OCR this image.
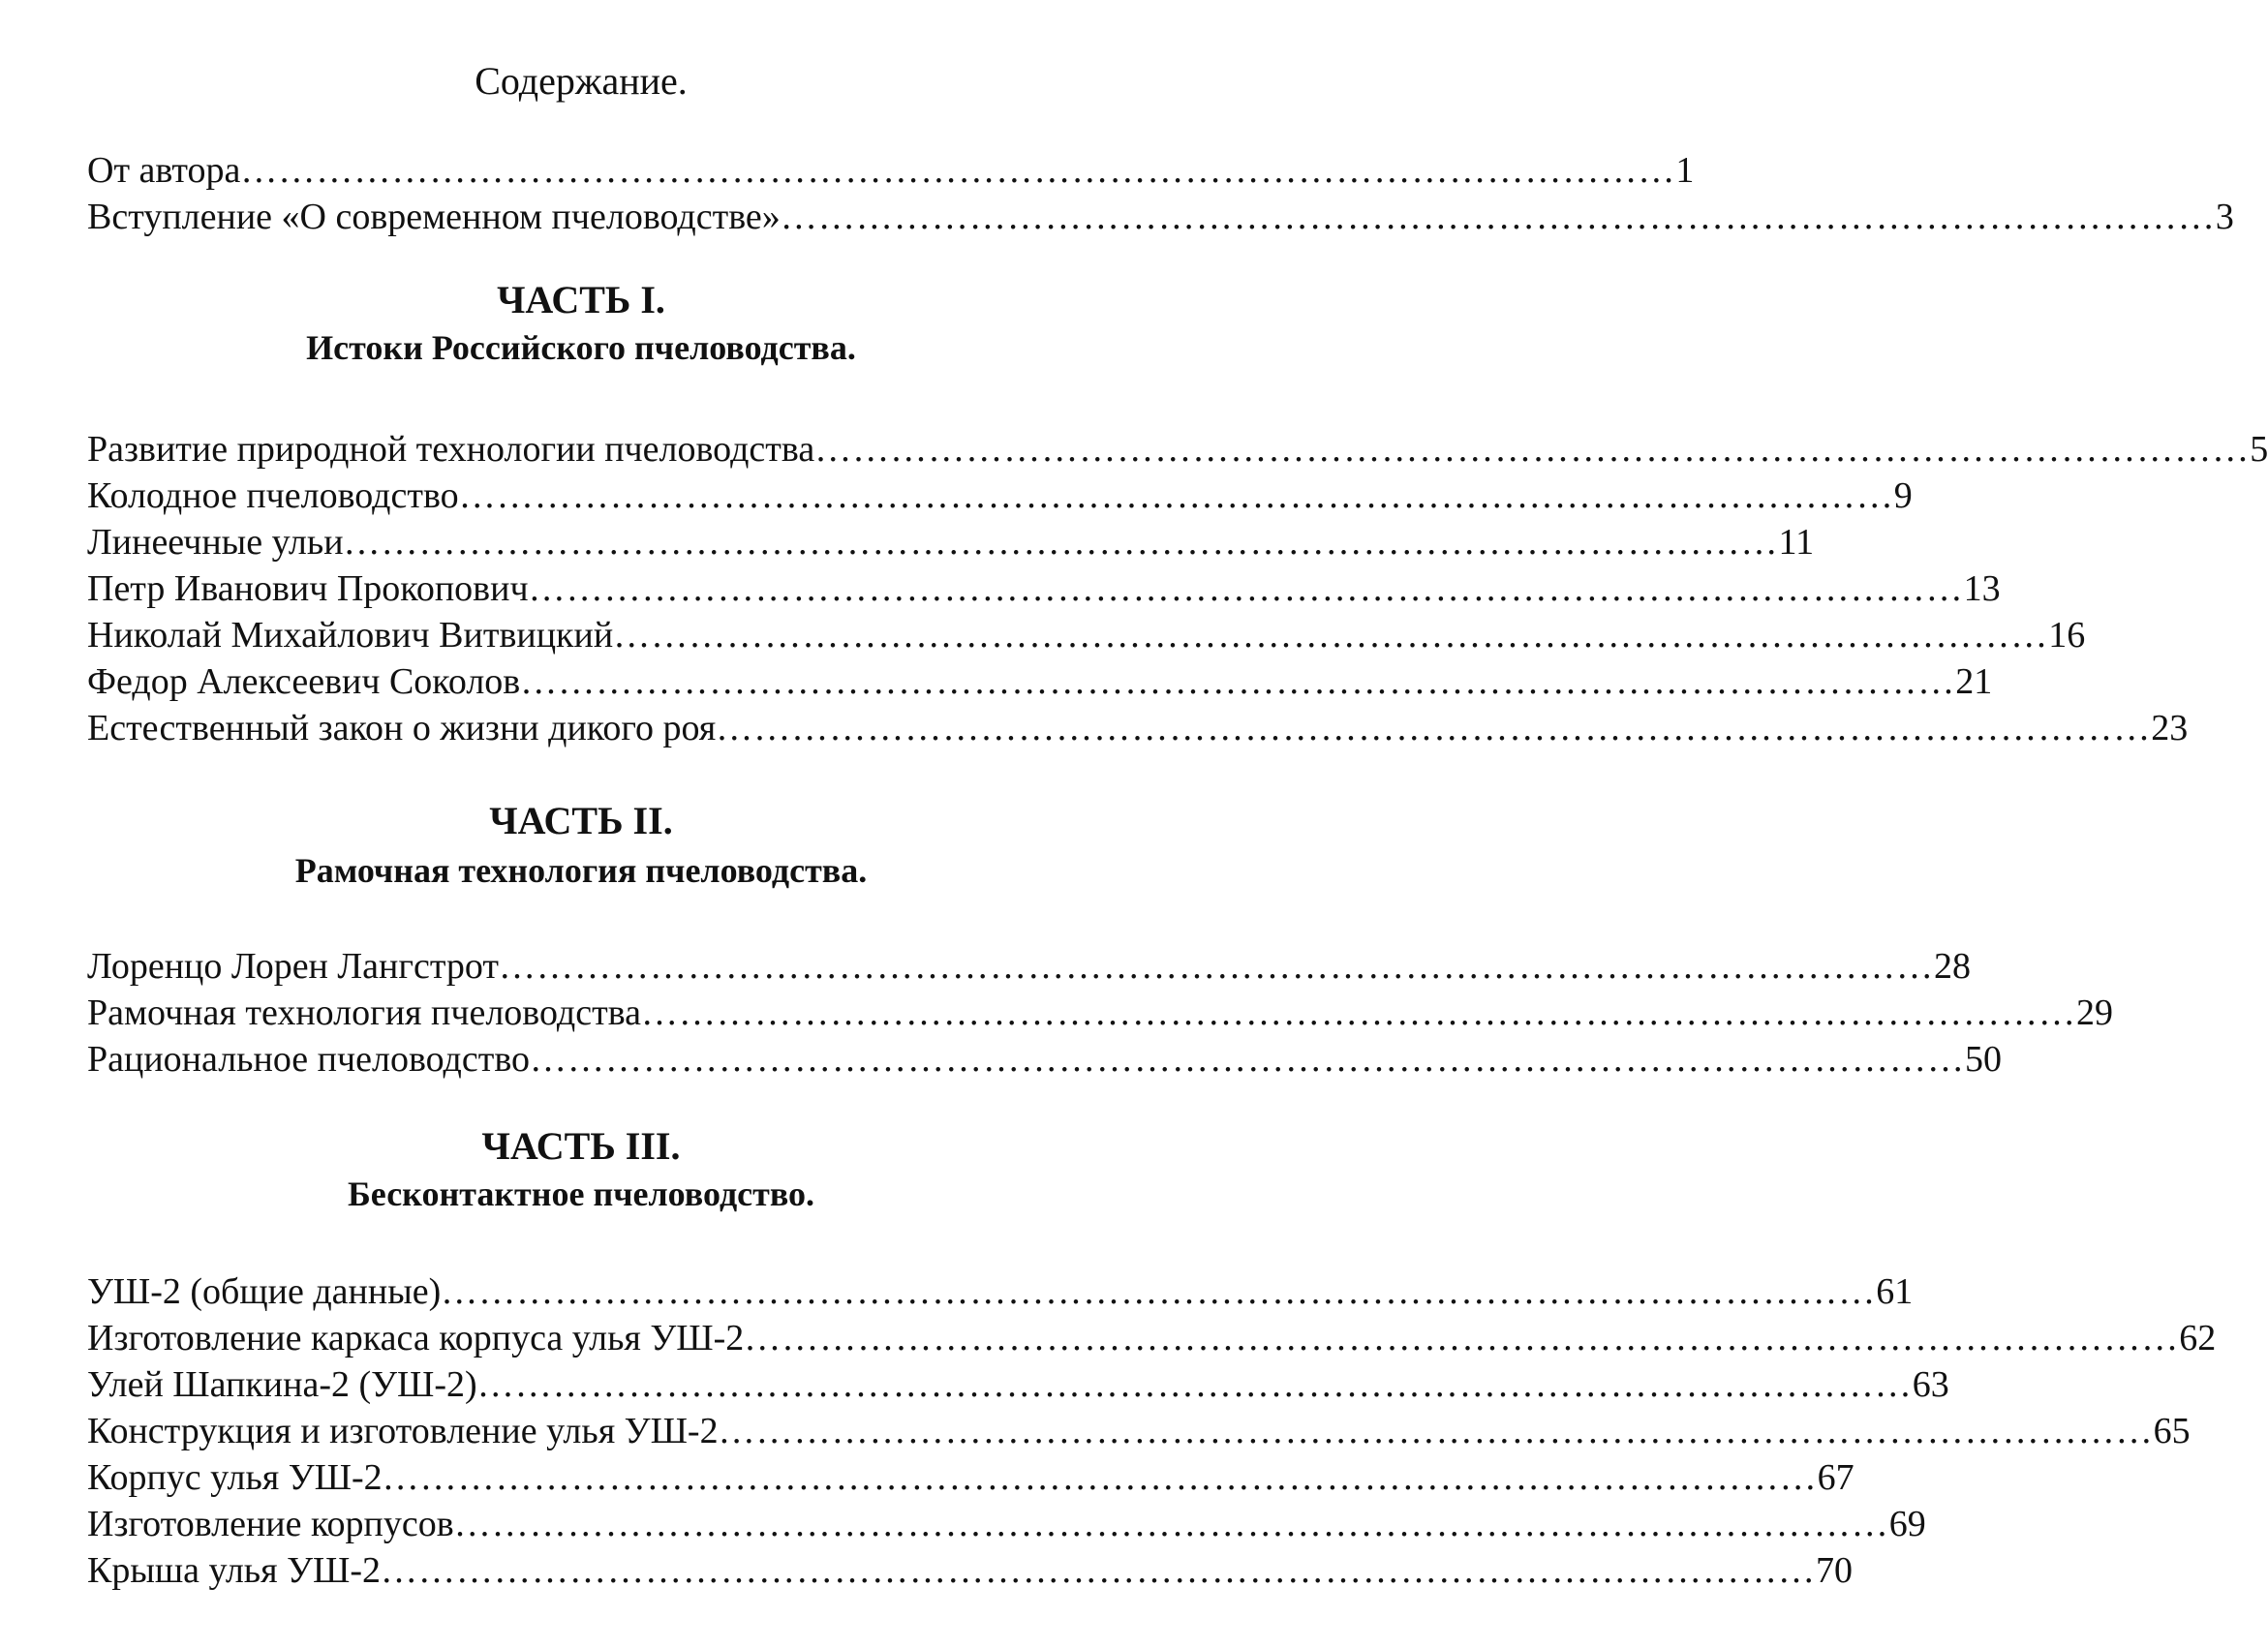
Содержание.
От автора …………………………………………………………………………………………………… 1
Вступление «О современном пчеловодстве» …………………………………………………………………………………………………… 3
ЧАСТЬ I.
Истоки Российского пчеловодства.
Развитие природной технологии пчеловодства …………………………………………………………………………………………………… 5
Колодное пчеловодство …………………………………………………………………………………………………… 9
Линеечные ульи …………………………………………………………………………………………………… 11
Петр Иванович Прокопович …………………………………………………………………………………………………… 13
Николай Михайлович Витвицкий …………………………………………………………………………………………………… 16
Федор Алексеевич Соколов …………………………………………………………………………………………………… 21
Естественный закон о жизни дикого роя …………………………………………………………………………………………………… 23
ЧАСТЬ II.
Рамочная технология пчеловодства.
Лоренцо Лорен Лангстрот …………………………………………………………………………………………………… 28
Рамочная технология пчеловодства …………………………………………………………………………………………………… 29
Рациональное пчеловодство …………………………………………………………………………………………………… 50
ЧАСТЬ III.
Бесконтактное пчеловодство.
УШ-2 (общие данные) …………………………………………………………………………………………………… 61
Изготовление каркаса корпуса улья УШ-2 …………………………………………………………………………………………………… 62
Улей Шапкина-2 (УШ-2) …………………………………………………………………………………………………… 63
Конструкция и изготовление улья УШ-2 …………………………………………………………………………………………………… 65
Корпус улья УШ-2 …………………………………………………………………………………………………… 67
Изготовление корпусов …………………………………………………………………………………………………… 69
Крыша улья УШ-2 …………………………………………………………………………………………………… 70
